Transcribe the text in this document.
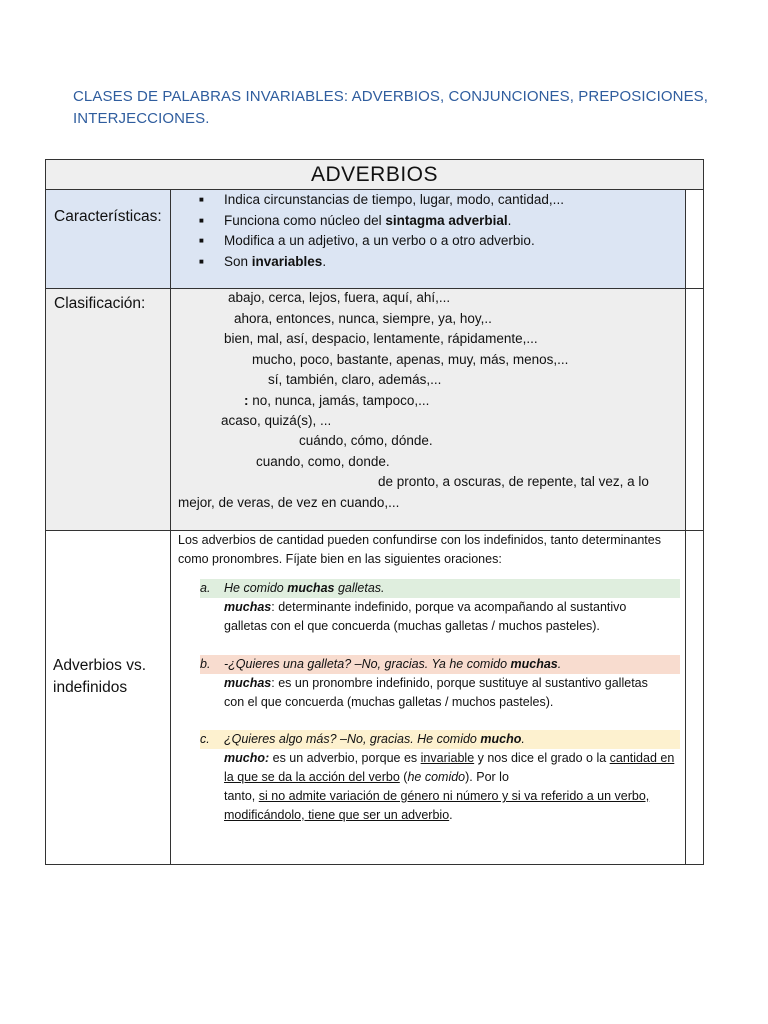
CLASES DE PALABRAS INVARIABLES: ADVERBIOS, CONJUNCIONES, PREPOSICIONES, INTERJECCIONES.
ADVERBIOS
Características:
■ Indica circunstancias de tiempo, lugar, modo, cantidad,...
■ Funciona como núcleo del sintagma adverbial.
■ Modifica a un adjetivo, a un verbo o a otro adverbio.
■ Son invariables.
Clasificación:	abajo, cerca, lejos, fuera, aquí, ahí,...
ahora, entonces, nunca, siempre, ya, hoy,..
bien, mal, así, despacio, lentamente, rápidamente,...
mucho, poco, bastante, apenas, muy, más, menos,...
sí, también, claro, además,...
: no, nunca, jamás, tampoco,...
acaso, quizá(s), ...
cuándo, cómo, dónde.
cuando, como, donde.
de pronto, a oscuras, de repente, tal vez, a lo
mejor, de veras, de vez en cuando,...
Adverbios vs.
indefinidos
Los adverbios de cantidad pueden confundirse con los indefinidos, tanto determinantes como pronombres. Fíjate bien en las siguientes oraciones:
a. He comido muchas galletas.
muchas: determinante indefinido, porque va acompañando al sustantivo
galletas con el que concuerda (muchas galletas / muchos pasteles).
b. -¿Quieres una galleta? –No, gracias. Ya he comido muchas.
muchas: es un pronombre indefinido, porque sustituye al sustantivo galletas
con el que concuerda (muchas galletas / muchos pasteles).
c. ¿Quieres algo más? –No, gracias. He comido mucho.
mucho: es un adverbio, porque es invariable y nos dice el grado o la cantidad en
la que se da la acción del verbo (he comido). Por lo
tanto, si no admite variación de género ni número y si va referido a un verbo,
modificándolo, tiene que ser un adverbio.
